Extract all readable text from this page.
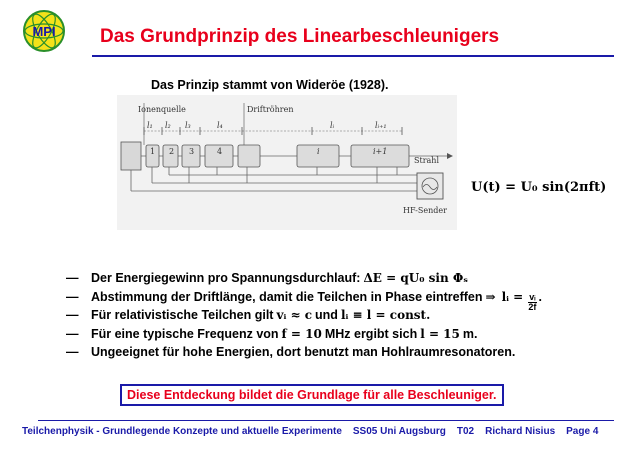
MPI Das Grundprinzip des Linearbeschleunigers
Das Prinzip stammt von Wideröe (1928).
Ionenquelle	Driftröhren
l₁ l₂ l₃	l₄	lᵢ	lᵢ₊₁
1 2 3	4	i	i+1
Strahl
HF-Sender
U(t) = U₀ sin(2πft)
—	Der Energiegewinn pro Spannungsdurchlauf: ΔE = qU₀ sin Φₛ
—	Abstimmung der Driftlänge, damit die Teilchen in Phase eintreffen ⇒ lᵢ = $\frac{\text{vᵢ}}{2f}$ .
—	Für relativistische Teilchen gilt vᵢ ≈ c und lᵢ ≡ l = const.
—	Für eine typische Frequenz von f = 10 MHz ergibt sich l = 15 m.
—	Ungeeignet für hohe Energien, dort benutzt man Hohlraumresonatoren.
Diese Entdeckung bildet die Grundlage für alle Beschleuniger.
Teilchenphysik - Grundlegende Konzepte und aktuelle Experimente SS05 Uni Augsburg T02 Richard Nisius Page 4
